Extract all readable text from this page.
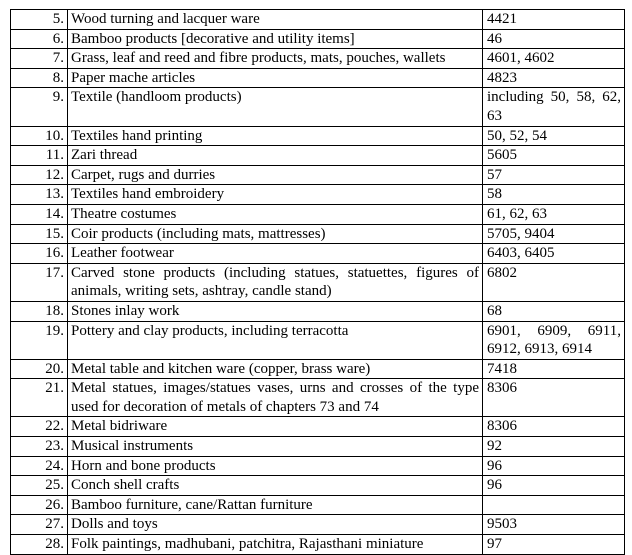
5.	Wood turning and lacquer ware	4421
6.	Bamboo products [decorative and utility items]	46
7.	Grass, leaf and reed and fibre products, mats, pouches, wallets	4601, 4602
8.	Paper mache articles	4823
9.	Textile (handloom products)	including 50, 58, 62, 63
10.	Textiles hand printing	50, 52, 54
11.	Zari thread	5605
12.	Carpet, rugs and durries	57
13.	Textiles hand embroidery	58
14.	Theatre costumes	61, 62, 63
15.	Coir products (including mats, mattresses)	5705, 9404
16.	Leather footwear	6403, 6405
17.	Carved stone products (including statues, statuettes, figures of animals, writing sets, ashtray, candle stand)	6802
18.	Stones inlay work	68
19.	Pottery and clay products, including terracotta	6901, 6909, 6911, 6912, 6913, 6914
20.	Metal table and kitchen ware (copper, brass ware)	7418
21.	Metal statues, images/statues vases, urns and crosses of the type used for decoration of metals of chapters 73 and 74	8306
22.	Metal bidriware	8306
23.	Musical instruments	92
24.	Horn and bone products	96
25.	Conch shell crafts	96
26.	Bamboo furniture, cane/Rattan furniture	
27.	Dolls and toys	9503
28.	Folk paintings, madhubani, patchitra, Rajasthani miniature	97
